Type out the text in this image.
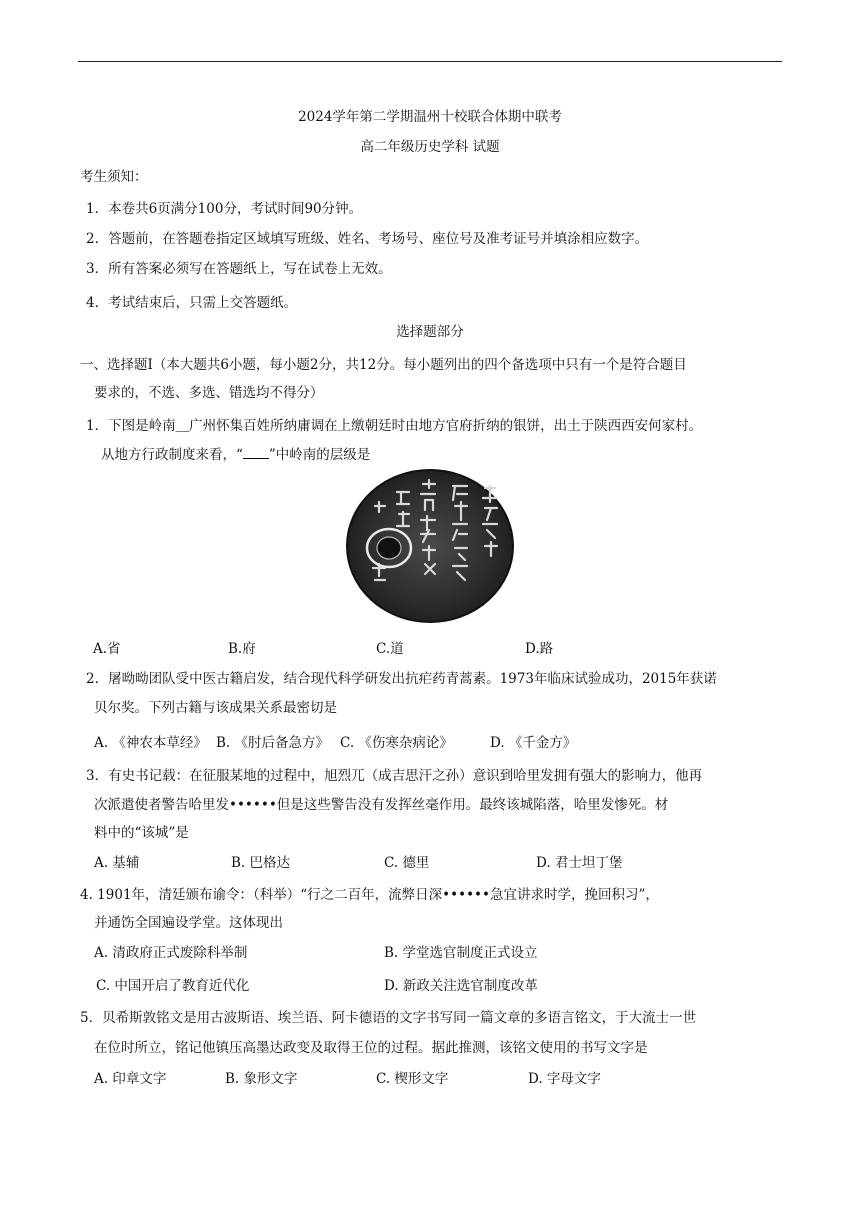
2024学年第二学期温州十校联合体期中联考
高二年级历史学科 试题
考生须知：
1．本卷共6页满分100分，考试时间90分钟。
2．答题前，在答题卷指定区域填写班级、姓名、考场号、座位号及准考证号并填涂相应数字。
3．所有答案必须写在答题纸上，写在试卷上无效。
4．考试结束后，只需上交答题纸。
选择题部分
一、选择题Ⅰ（本大题共6小题，每小题2分，共12分。每小题列出的四个备选项中只有一个是符合题目
要求的，不选、多选、错选均不得分）
1．下图是岭南＿广州怀集百姓所纳庸调在上缴朝廷时由地方官府折纳的银饼，出土于陕西西安何家村。
从地方行政制度来看，“ ”中岭南的层级是
A.省	B.府	C.道	D.路
2．屠呦呦团队受中医古籍启发，结合现代科学研发出抗疟药青蒿素。1973年临床试验成功，2015年获诺
贝尔奖。下列古籍与该成果关系最密切是
A. 《神农本草经》 B. 《肘后备急方》 C. 《伤寒杂病论》	D. 《千金方》
3．有史书记载：在征服某地的过程中，旭烈兀（成吉思汗之孙）意识到哈里发拥有强大的影响力，他再
次派遣使者警告哈里发••••••但是这些警告没有发挥丝毫作用。最终该城陷落，哈里发惨死。材
料中的“该城”是
A. 基辅	B. 巴格达	C. 德里	D. 君士坦丁堡
4. 1901年，清廷颁布谕令：（科举）“行之二百年，流弊日深••••••急宜讲求时学，挽回积习”，
并通饬全国遍设学堂。这体现出
A. 清政府正式废除科举制	B. 学堂选官制度正式设立
C. 中国开启了教育近代化	D. 新政关注选官制度改革
5．贝希斯敦铭文是用古波斯语、埃兰语、阿卡德语的文字书写同一篇文章的多语言铭文，于大流士一世
在位时所立，铭记他镇压高墨达政变及取得王位的过程。据此推测，该铭文使用的书写文字是
A. 印章文字	B. 象形文字	C. 楔形文字	D. 字母文字
